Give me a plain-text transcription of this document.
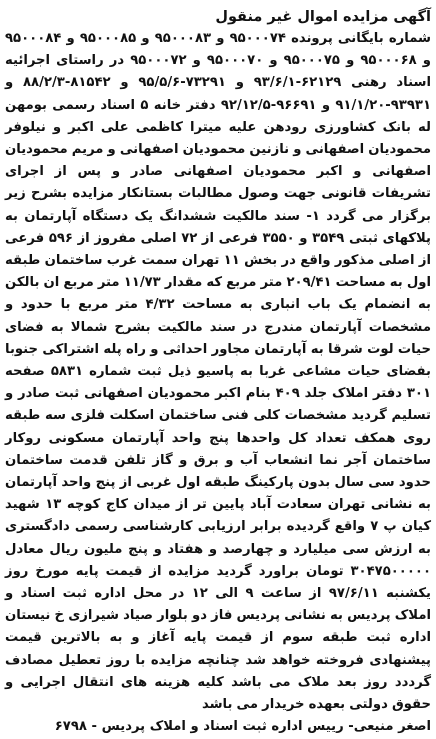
آگهی مزایده اموال غیر منقول

شماره بایگانی پرونده ۹۵۰۰۰۷۴ و ۹۵۰۰۰۸۳ و ۹۵۰۰۰۸۵ و ۹۵۰۰۰۸۴ و ۹۵۰۰۰۶۸ و ۹۵۰۰۰۷۵ و ۹۵۰۰۰۷۰ و ۹۵۰۰۰۷۲ در راستای اجرائیه اسناد رهنی ۶۲۱۲۹-۹۳/۶/۱ و ۷۳۲۹۱-۹۵/۵/۶ و ۸۱۵۴۲-۸۸/۲/۳ و ۹۳۹۳۱-۹۱/۱/۲۰ و ۹۶۶۹۱-۹۲/۱۲/۵ دفتر خانه ۵ اسناد رسمی بومهن له بانک کشاورزی رودهن علیه میترا کاظمی علی اکبر و نیلوفر محمودیان اصفهانی و نازنین محمودیان اصفهانی و مریم محمودیان اصفهانی و اکبر محمودیان اصفهانی صادر و پس از اجرای تشریفات قانونی جهت وصول مطالبات بستانکار مزایده بشرح زیر برگزار می گردد ۱- سند مالکیت ششدانگ یک دستگاه آپارتمان به پلاکهای ثبتی ۳۵۴۹ و ۳۵۵۰ فرعی از ۷۲ اصلی مفروز از ۵۹۶ فرعی از اصلی مذکور واقع در بخش ۱۱ تهران سمت غرب ساختمان طبقه اول به مساحت ۲۰۹/۴۱ متر مربع که مقدار ۱۱/۷۳ متر مربع ان بالکن به انضمام یک باب انباری به مساحت ۴/۳۲ متر مربع با حدود و مشخصات آپارتمان مندرج در سند مالکیت بشرح شمالا به فضای حیات لوت شرقا به آپارتمان مجاور احداثی و راه پله اشتراکی جنوبا بفضای حیات مشاعی غربا به پاسیو ذیل ثبت شماره ۵۸۳۱ صفحه ۳۰۱ دفتر املاک جلد ۴۰۹ بنام اکبر محمودیان اصفهانی ثبت صادر و تسلیم گردید مشخصات کلی فنی ساختمان اسکلت فلزی سه طبقه روی همکف تعداد کل واحدها پنج واحد آپارتمان مسکونی روکار ساختمان آجر نما انشعاب آب و برق و گاز تلفن قدمت ساختمان حدود سی سال بدون پارکینگ طبقه اول غربی از پنج واحد آپارتمان به نشانی تهران سعادت آباد پایین تر از میدان کاج کوچه ۱۳ شهید کیان پ ۷ واقع گردیده برابر ارزیابی کارشناسی رسمی دادگستری به ارزش سی میلیارد و چهارصد و هفتاد و پنج ملیون ریال معادل ۳۰۴۷۵۰۰۰۰۰ تومان براورد گردید مزایده از قیمت پایه مورخ روز یکشنبه ۹۷/۶/۱۱ از ساعت ۹ الی ۱۲ در محل اداره ثبت اسناد و املاک پردیس به نشانی پردیس فاز دو بلوار صیاد شیرازی خ نیستان اداره ثبت طبقه سوم از قیمت پایه آغاز و به بالاترین قیمت پیشنهادی فروخته خواهد شد چنانچه مزایده با روز تعطیل مصادف گرددد روز بعد ملاک می باشد کلیه هزینه های انتقال اجرایی و حقوق دولتی بعهده خریدار می باشد

اصغر منیعی- رییس اداره ثبت اسناد و املاک پردیس - ۶۷۹۸
